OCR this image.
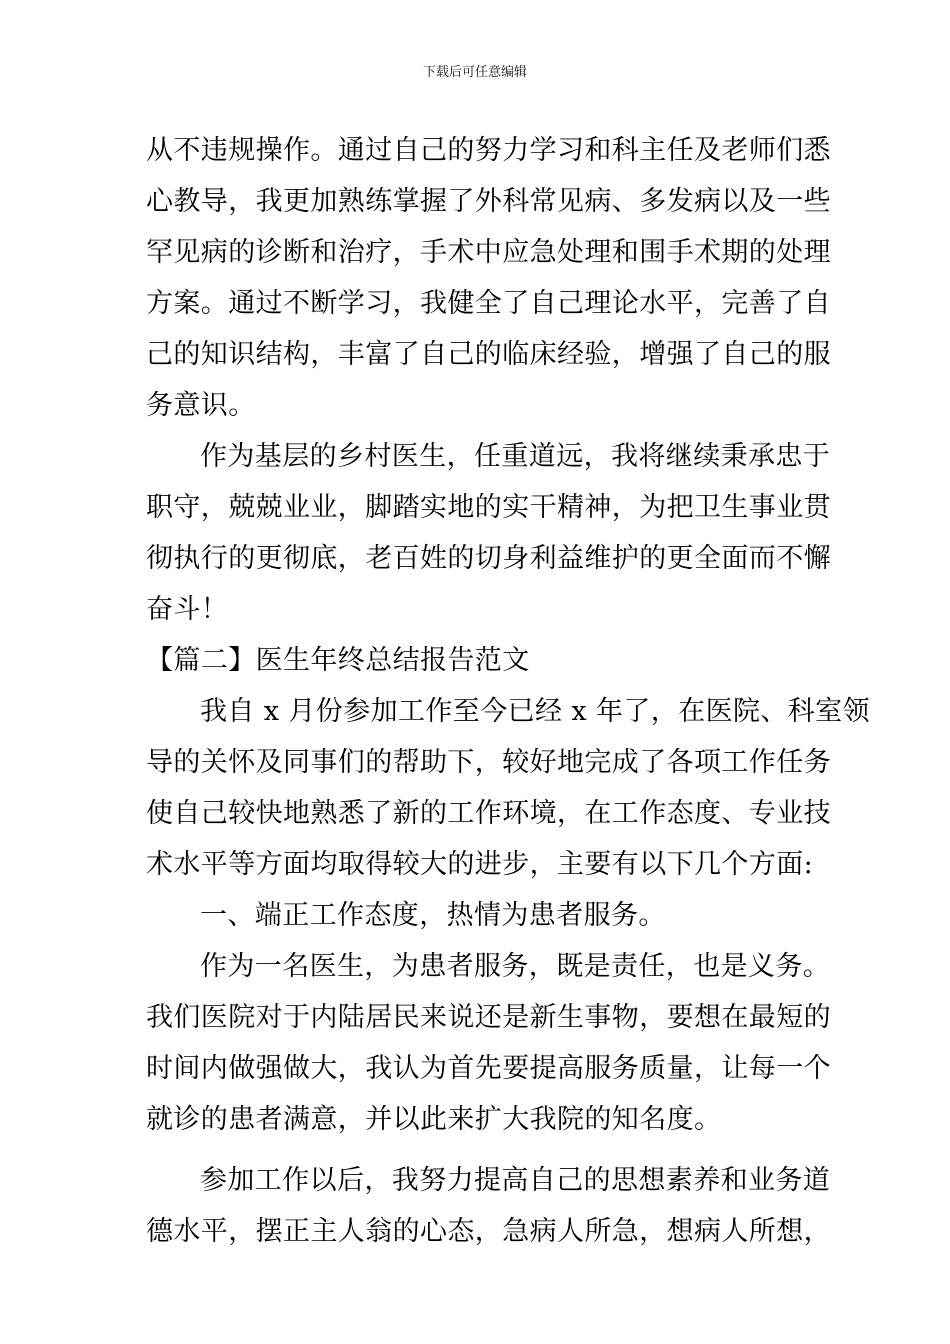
下载后可任意编辑
从不违规操作。通过自己的努力学习和科主任及老师们悉
心教导，我更加熟练掌握了外科常见病、多发病以及一些
罕见病的诊断和治疗，手术中应急处理和围手术期的处理
方案。通过不断学习，我健全了自己理论水平，完善了自
己的知识结构，丰富了自己的临床经验，增强了自己的服
务意识。
作为基层的乡村医生，任重道远，我将继续秉承忠于
职守，兢兢业业，脚踏实地的实干精神，为把卫生事业贯
彻执行的更彻底，老百姓的切身利益维护的更全面而不懈
奋斗！
【篇二】医生年终总结报告范文
我自 x 月份参加工作至今已经 x 年了，在医院、科室领
导的关怀及同事们的帮助下，较好地完成了各项工作任务
使自己较快地熟悉了新的工作环境，在工作态度、专业技
术水平等方面均取得较大的进步，主要有以下几个方面:
一、端正工作态度，热情为患者服务。
作为一名医生，为患者服务，既是责任，也是义务。
我们医院对于内陆居民来说还是新生事物，要想在最短的
时间内做强做大，我认为首先要提高服务质量，让每一个
就诊的患者满意，并以此来扩大我院的知名度。
参加工作以后，我努力提高自己的思想素养和业务道
德水平，摆正主人翁的心态，急病人所急，想病人所想，
